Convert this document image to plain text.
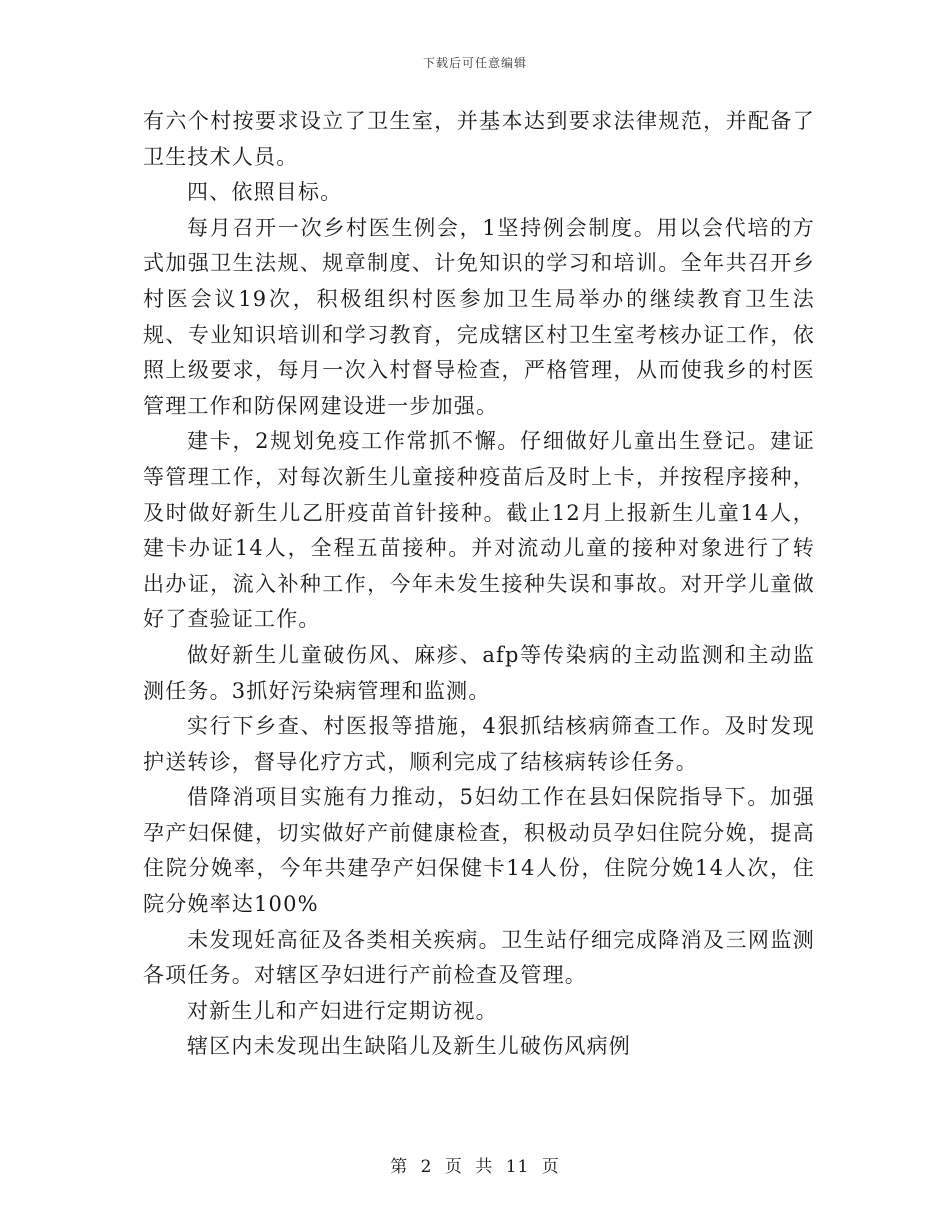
下载后可任意编辑

有六个村按要求设立了卫生室，并基本达到要求法律规范，并配备了卫生技术人员。

四、依照目标。

每月召开一次乡村医生例会，1坚持例会制度。用以会代培的方式加强卫生法规、规章制度、计免知识的学习和培训。全年共召开乡村医会议19次，积极组织村医参加卫生局举办的继续教育卫生法规、专业知识培训和学习教育，完成辖区村卫生室考核办证工作，依照上级要求，每月一次入村督导检查，严格管理，从而使我乡的村医管理工作和防保网建设进一步加强。

建卡，2规划免疫工作常抓不懈。仔细做好儿童出生登记。建证等管理工作，对每次新生儿童接种疫苗后及时上卡，并按程序接种，及时做好新生儿乙肝疫苗首针接种。截止12月上报新生儿童14人，建卡办证14人，全程五苗接种。并对流动儿童的接种对象进行了转出办证，流入补种工作，今年未发生接种失误和事故。对开学儿童做好了查验证工作。

做好新生儿童破伤风、麻疹、afp等传染病的主动监测和主动监测任务。3抓好污染病管理和监测。

实行下乡查、村医报等措施，4狠抓结核病筛查工作。及时发现护送转诊，督导化疗方式，顺利完成了结核病转诊任务。

借降消项目实施有力推动，5妇幼工作在县妇保院指导下。加强孕产妇保健，切实做好产前健康检查，积极动员孕妇住院分娩，提高住院分娩率，今年共建孕产妇保健卡14人份，住院分娩14人次，住院分娩率达100%

未发现妊高征及各类相关疾病。卫生站仔细完成降消及三网监测各项任务。对辖区孕妇进行产前检查及管理。

对新生儿和产妇进行定期访视。

辖区内未发现出生缺陷儿及新生儿破伤风病例

第 2 页 共 11 页
